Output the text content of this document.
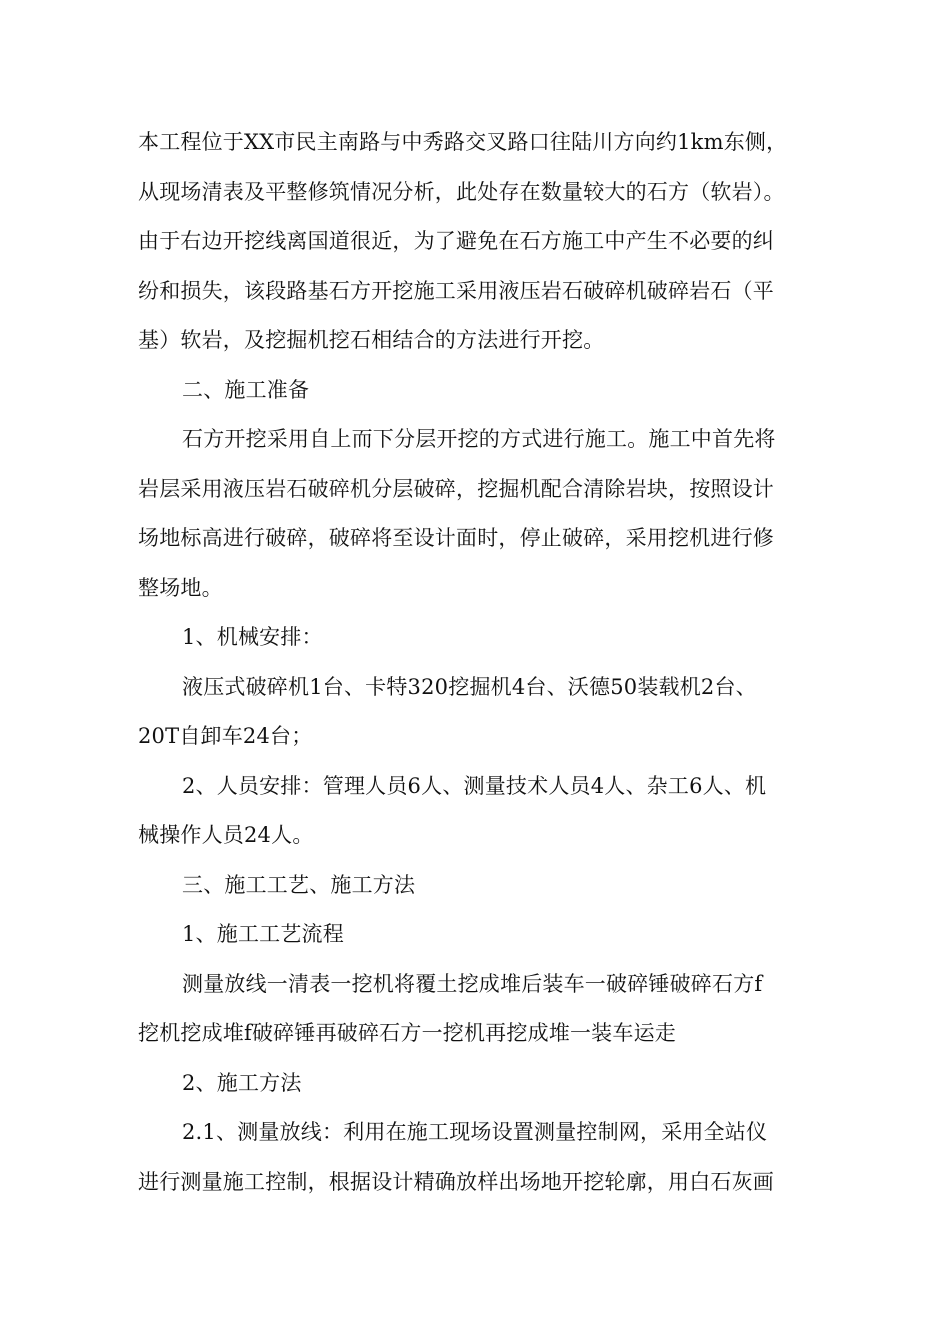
本工程位于XX市民主南路与中秀路交叉路口往陆川方向约1km东侧，
从现场清表及平整修筑情况分析，此处存在数量较大的石方（软岩）。
由于右边开挖线离国道很近，为了避免在石方施工中产生不必要的纠
纷和损失，该段路基石方开挖施工采用液压岩石破碎机破碎岩石（平
基）软岩，及挖掘机挖石相结合的方法进行开挖。

二、施工准备

石方开挖采用自上而下分层开挖的方式进行施工。施工中首先将
岩层采用液压岩石破碎机分层破碎，挖掘机配合清除岩块，按照设计
场地标高进行破碎，破碎将至设计面时，停止破碎，采用挖机进行修
整场地。

1、机械安排：

液压式破碎机1台、卡特320挖掘机4台、沃德50装载机2台、
20T自卸车24台；

2、人员安排：管理人员6人、测量技术人员4人、杂工6人、机
械操作人员24人。

三、施工工艺、施工方法

1、施工工艺流程

测量放线一清表一挖机将覆土挖成堆后装车一破碎锤破碎石方f
挖机挖成堆f破碎锤再破碎石方一挖机再挖成堆一装车运走

2、施工方法

2.1、测量放线：利用在施工现场设置测量控制网，采用全站仪
进行测量施工控制，根据设计精确放样出场地开挖轮廓，用白石灰画
